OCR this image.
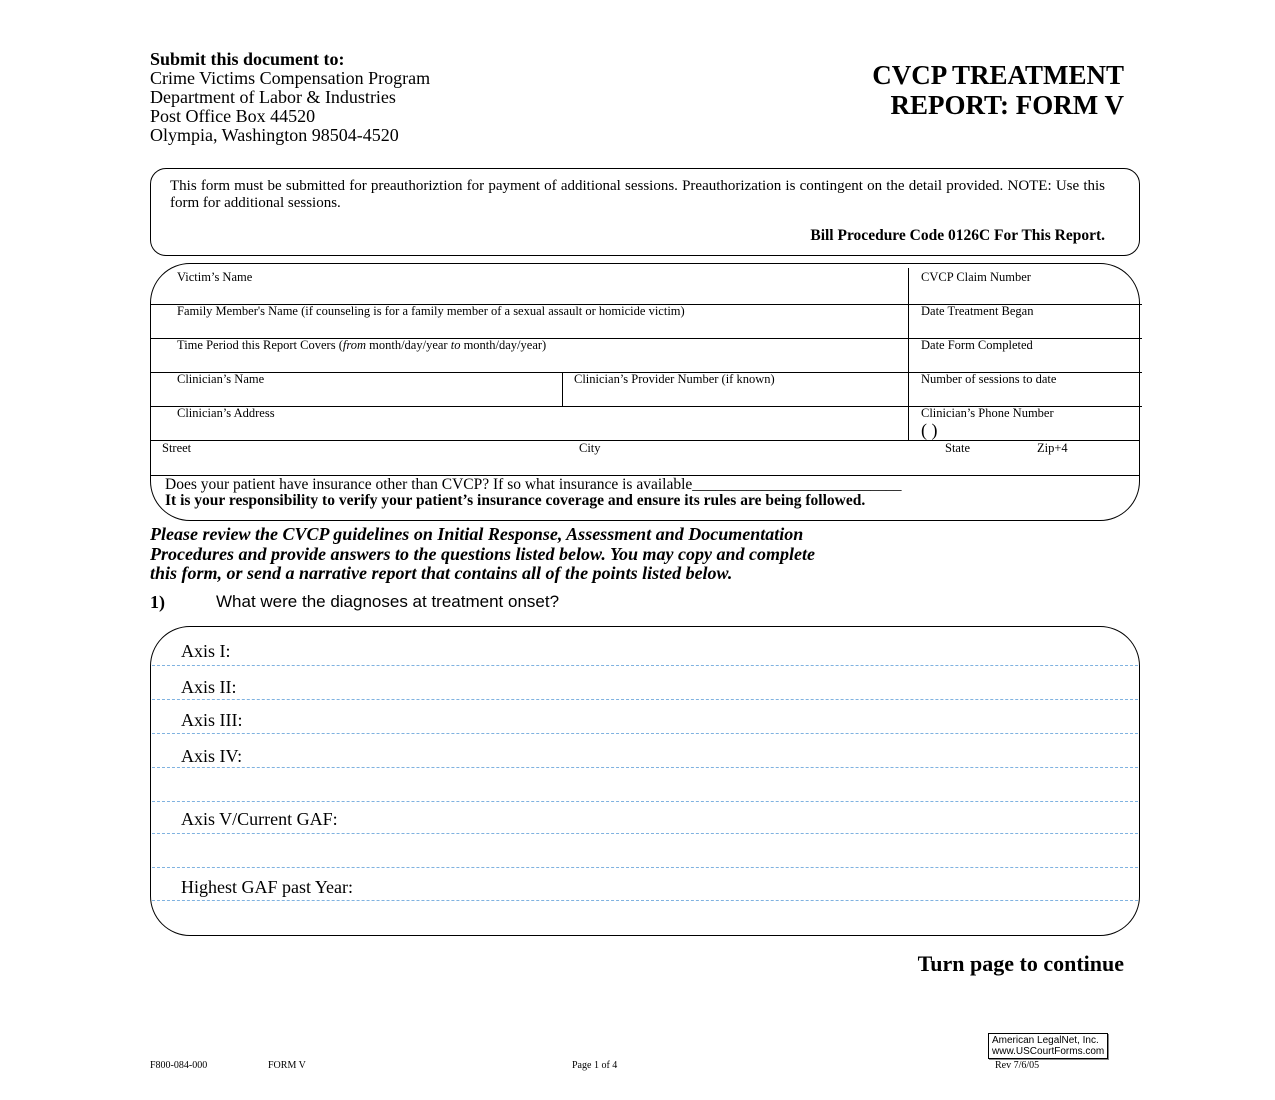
Submit this document to:
Crime Victims Compensation Program
Department of Labor & Industries
Post Office Box 44520
Olympia, Washington 98504-4520
CVCP TREATMENT
REPORT: FORM V
This form must be submitted for preauthoriztion for payment of additional sessions. Preauthorization is contingent on the detail provided. NOTE: Use this form for additional sessions.
Bill Procedure Code 0126C For This Report.
Victim’s Name	CVCP Claim Number
Family Member's Name (if counseling is for a family member of a sexual assault or homicide victim)	Date Treatment Began
Time Period this Report Covers (from month/day/year to month/day/year)	Date Form Completed
Clinician’s Name	Clinician’s Provider Number (if known)	Number of sessions to date
Clinician’s Address	Clinician’s Phone Number
( )
Street	City	State	Zip+4
Does your patient have insurance other than CVCP? If so what insurance is available___________________________
It is your responsibility to verify your patient’s insurance coverage and ensure its rules are being followed.
Please review the CVCP guidelines on Initial Response, Assessment and Documentation
Procedures and provide answers to the questions listed below. You may copy and complete
this form, or send a narrative report that contains all of the points listed below.
1)	What were the diagnoses at treatment onset?
Axis I:
Axis II:
Axis III:
Axis IV:
Axis V/Current GAF:
Highest GAF past Year:
Turn page to continue
American LegalNet, Inc.
www.USCourtForms.com
F800-084-000	FORM V	Page 1 of 4	Rev 7/6/05
